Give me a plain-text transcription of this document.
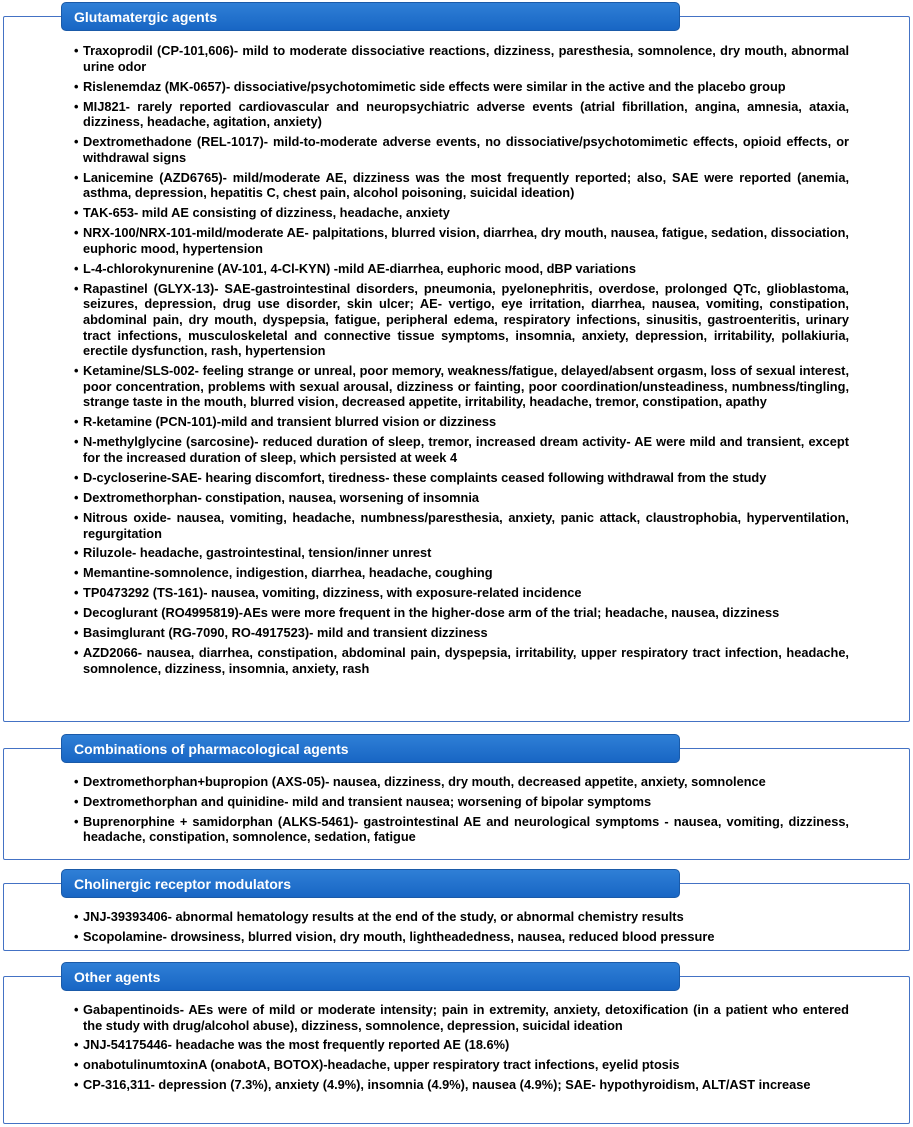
Glutamatergic agents
• Traxoprodil (CP-101,606)- mild to moderate dissociative reactions, dizziness, paresthesia, somnolence, dry mouth, abnormal urine odor
• Rislenemdaz (MK-0657)- dissociative/psychotomimetic side effects were similar in the active and the placebo group
• MIJ821- rarely reported cardiovascular and neuropsychiatric adverse events (atrial fibrillation, angina, amnesia, ataxia, dizziness, headache, agitation, anxiety)
• Dextromethadone (REL-1017)- mild-to-moderate adverse events, no dissociative/psychotomimetic effects, opioid effects, or withdrawal signs
• Lanicemine (AZD6765)- mild/moderate AE, dizziness was the most frequently reported; also, SAE were reported (anemia, asthma, depression, hepatitis C, chest pain, alcohol poisoning, suicidal ideation)
• TAK-653- mild AE consisting of dizziness, headache, anxiety
• NRX-100/NRX-101-mild/moderate AE- palpitations, blurred vision, diarrhea, dry mouth, nausea, fatigue, sedation, dissociation, euphoric mood, hypertension
• L-4-chlorokynurenine (AV-101, 4-Cl-KYN) -mild AE-diarrhea, euphoric mood, dBP variations
• Rapastinel (GLYX-13)- SAE-gastrointestinal disorders, pneumonia, pyelonephritis, overdose, prolonged QTc, glioblastoma, seizures, depression, drug use disorder, skin ulcer; AE- vertigo, eye irritation, diarrhea, nausea, vomiting, constipation, abdominal pain, dry mouth, dyspepsia, fatigue, peripheral edema, respiratory infections, sinusitis, gastroenteritis, urinary tract infections, musculoskeletal and connective tissue symptoms, insomnia, anxiety, depression, irritability, pollakiuria, erectile dysfunction, rash, hypertension
• Ketamine/SLS-002- feeling strange or unreal, poor memory, weakness/fatigue, delayed/absent orgasm, loss of sexual interest, poor concentration, problems with sexual arousal, dizziness or fainting, poor coordination/unsteadiness, numbness/tingling, strange taste in the mouth, blurred vision, decreased appetite, irritability, headache, tremor, constipation, apathy
• R-ketamine (PCN-101)-mild and transient blurred vision or dizziness
• N-methylglycine (sarcosine)- reduced duration of sleep, tremor, increased dream activity- AE were mild and transient, except for the increased duration of sleep, which persisted at week 4
• D-cycloserine-SAE- hearing discomfort, tiredness- these complaints ceased following withdrawal from the study
• Dextromethorphan- constipation, nausea, worsening of insomnia
• Nitrous oxide- nausea, vomiting, headache, numbness/paresthesia, anxiety, panic attack, claustrophobia, hyperventilation, regurgitation
• Riluzole- headache, gastrointestinal, tension/inner unrest
• Memantine-somnolence, indigestion, diarrhea, headache, coughing
• TP0473292 (TS-161)- nausea, vomiting, dizziness, with exposure-related incidence
• Decoglurant (RO4995819)-AEs were more frequent in the higher-dose arm of the trial; headache, nausea, dizziness
• Basimglurant (RG-7090, RO-4917523)- mild and transient dizziness
• AZD2066- nausea, diarrhea, constipation, abdominal pain, dyspepsia, irritability, upper respiratory tract infection, headache, somnolence, dizziness, insomnia, anxiety, rash
Combinations of pharmacological agents
• Dextromethorphan+bupropion (AXS-05)- nausea, dizziness, dry mouth, decreased appetite, anxiety, somnolence
• Dextromethorphan and quinidine- mild and transient nausea; worsening of bipolar symptoms
• Buprenorphine + samidorphan (ALKS-5461)- gastrointestinal AE and neurological symptoms - nausea, vomiting, dizziness, headache, constipation, somnolence, sedation, fatigue
Cholinergic receptor modulators
• JNJ-39393406- abnormal hematology results at the end of the study, or abnormal chemistry results
• Scopolamine- drowsiness, blurred vision, dry mouth, lightheadedness, nausea, reduced blood pressure
Other agents
• Gabapentinoids- AEs were of mild or moderate intensity; pain in extremity, anxiety, detoxification (in a patient who entered the study with drug/alcohol abuse), dizziness, somnolence, depression, suicidal ideation
• JNJ-54175446- headache was the most frequently reported AE (18.6%)
• onabotulinumtoxinA (onabotA, BOTOX)-headache, upper respiratory tract infections, eyelid ptosis
• CP-316,311- depression (7.3%), anxiety (4.9%), insomnia (4.9%), nausea (4.9%); SAE- hypothyroidism, ALT/AST increase
